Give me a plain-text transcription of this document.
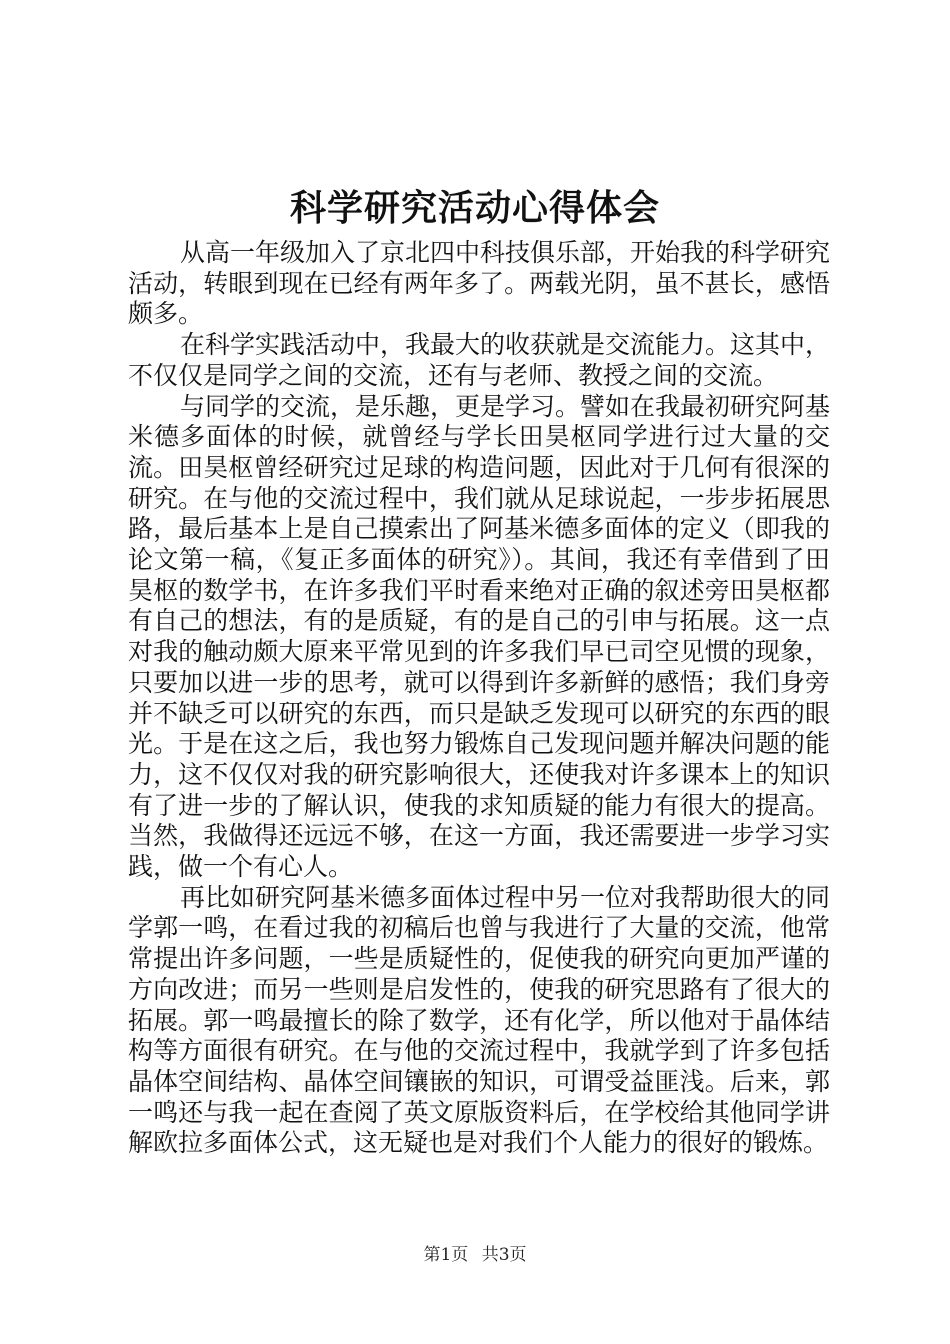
科学研究活动心得体会

从高一年级加入了京北四中科技俱乐部，开始我的科学研究活动，转眼到现在已经有两年多了。两载光阴，虽不甚长，感悟颇多。

在科学实践活动中，我最大的收获就是交流能力。这其中，不仅仅是同学之间的交流，还有与老师、教授之间的交流。

与同学的交流，是乐趣，更是学习。譬如在我最初研究阿基米德多面体的时候，就曾经与学长田昊枢同学进行过大量的交流。田昊枢曾经研究过足球的构造问题，因此对于几何有很深的研究。在与他的交流过程中，我们就从足球说起，一步步拓展思路，最后基本上是自己摸索出了阿基米德多面体的定义（即我的论文第一稿，《复正多面体的研究》）。其间，我还有幸借到了田昊枢的数学书，在许多我们平时看来绝对正确的叙述旁田昊枢都有自己的想法，有的是质疑，有的是自己的引申与拓展。这一点对我的触动颇大原来平常见到的许多我们早已司空见惯的现象，只要加以进一步的思考，就可以得到许多新鲜的感悟；我们身旁并不缺乏可以研究的东西，而只是缺乏发现可以研究的东西的眼光。于是在这之后，我也努力锻炼自己发现问题并解决问题的能力，这不仅仅对我的研究影响很大，还使我对许多课本上的知识有了进一步的了解认识，使我的求知质疑的能力有很大的提高。当然，我做得还远远不够，在这一方面，我还需要进一步学习实践，做一个有心人。

再比如研究阿基米德多面体过程中另一位对我帮助很大的同学郭一鸣，在看过我的初稿后也曾与我进行了大量的交流，他常常提出许多问题，一些是质疑性的，促使我的研究向更加严谨的方向改进；而另一些则是启发性的，使我的研究思路有了很大的拓展。郭一鸣最擅长的除了数学，还有化学，所以他对于晶体结构等方面很有研究。在与他的交流过程中，我就学到了许多包括晶体空间结构、晶体空间镶嵌的知识，可谓受益匪浅。后来，郭一鸣还与我一起在查阅了英文原版资料后，在学校给其他同学讲解欧拉多面体公式，这无疑也是对我们个人能力的很好的锻炼。

第1页 共3页
